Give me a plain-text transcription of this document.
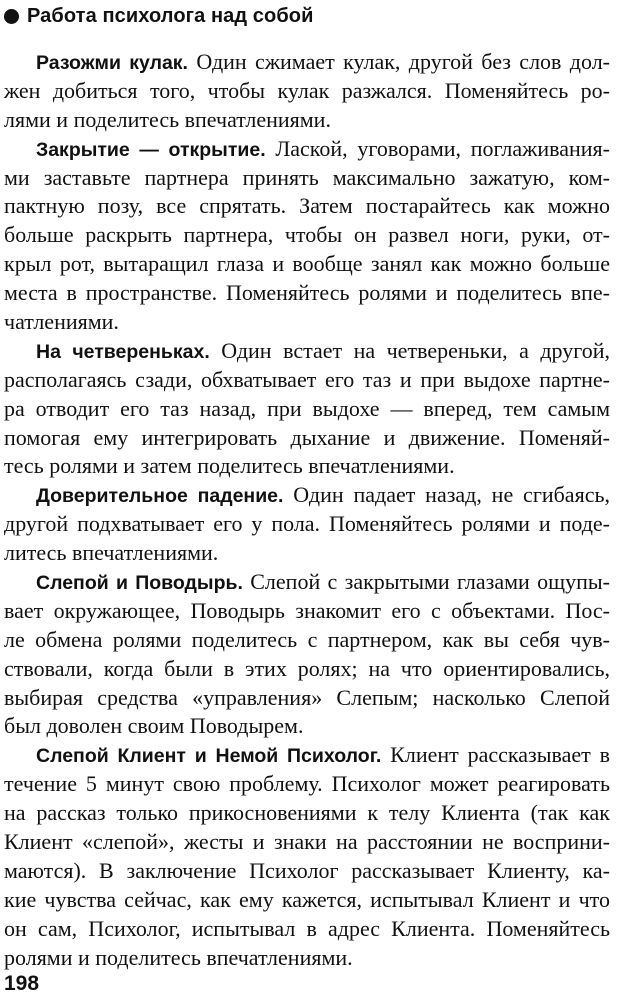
Работа психолога над собой
Разожми кулак. Один сжимает кулак, другой без слов дол-
жен добиться того, чтобы кулак разжался. Поменяйтесь ро-
лями и поделитесь впечатлениями.
Закрытие — открытие. Лаской, уговорами, поглаживания-
ми заставьте партнера принять максимально зажатую, ком-
пактную позу, все спрятать. Затем постарайтесь как можно
больше раскрыть партнера, чтобы он развел ноги, руки, от-
крыл рот, вытаращил глаза и вообще занял как можно больше
места в пространстве. Поменяйтесь ролями и поделитесь впе-
чатлениями.
На четвереньках. Один встает на четвереньки, а другой,
располагаясь сзади, обхватывает его таз и при выдохе партне-
ра отводит его таз назад, при выдохе — вперед, тем самым
помогая ему интегрировать дыхание и движение. Поменяй-
тесь ролями и затем поделитесь впечатлениями.
Доверительное падение. Один падает назад, не сгибаясь,
другой подхватывает его у пола. Поменяйтесь ролями и поде-
литесь впечатлениями.
Слепой и Поводырь. Слепой с закрытыми глазами ощупы-
вает окружающее, Поводырь знакомит его с объектами. Пос-
ле обмена ролями поделитесь с партнером, как вы себя чув-
ствовали, когда были в этих ролях; на что ориентировались,
выбирая средства «управления» Слепым; насколько Слепой
был доволен своим Поводырем.
Слепой Клиент и Немой Психолог. Клиент рассказывает в
течение 5 минут свою проблему. Психолог может реагировать
на рассказ только прикосновениями к телу Клиента (так как
Клиент «слепой», жесты и знаки на расстоянии не восприни-
маются). В заключение Психолог рассказывает Клиенту, ка-
кие чувства сейчас, как ему кажется, испытывал Клиент и что
он сам, Психолог, испытывал в адрес Клиента. Поменяйтесь
ролями и поделитесь впечатлениями.
198
